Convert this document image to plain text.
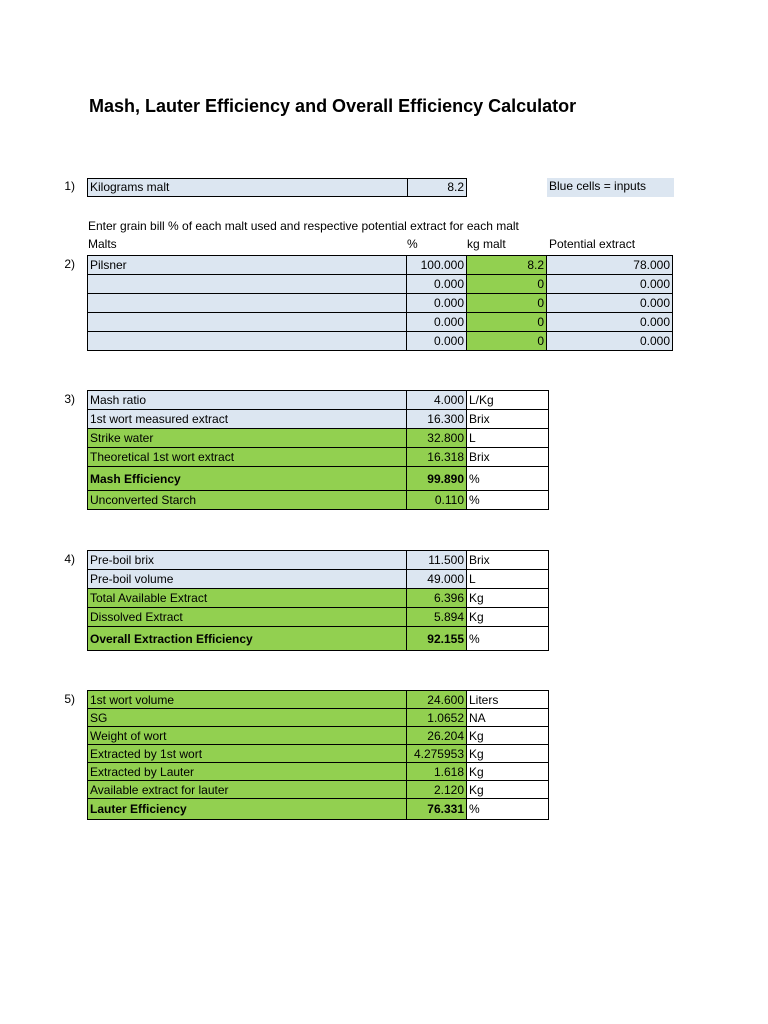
Mash, Lauter Efficiency and Overall Efficiency Calculator
1) Kilograms malt	8.2	Blue cells = inputs
Enter grain bill % of each malt used and respective potential extract for each malt
Malts	%	kg malt	Potential extract
2) Pilsner	100.000	8.2	78.000
	0.000	0	0.000
	0.000	0	0.000
	0.000	0	0.000
	0.000	0	0.000
3) Mash ratio	4.000	L/Kg
1st wort measured extract	16.300	Brix
Strike water	32.800	L
Theoretical 1st wort extract	16.318	Brix
Mash Efficiency	99.890	%
Unconverted Starch	0.110	%
4) Pre-boil brix	11.500	Brix
Pre-boil volume	49.000	L
Total Available Extract	6.396	Kg
Dissolved Extract	5.894	Kg
Overall Extraction Efficiency	92.155	%
5) 1st wort volume	24.600	Liters
SG	1.0652	NA
Weight of wort	26.204	Kg
Extracted by 1st wort	4.275953	Kg
Extracted by Lauter	1.618	Kg
Available extract for lauter	2.120	Kg
Lauter Efficiency	76.331	%
